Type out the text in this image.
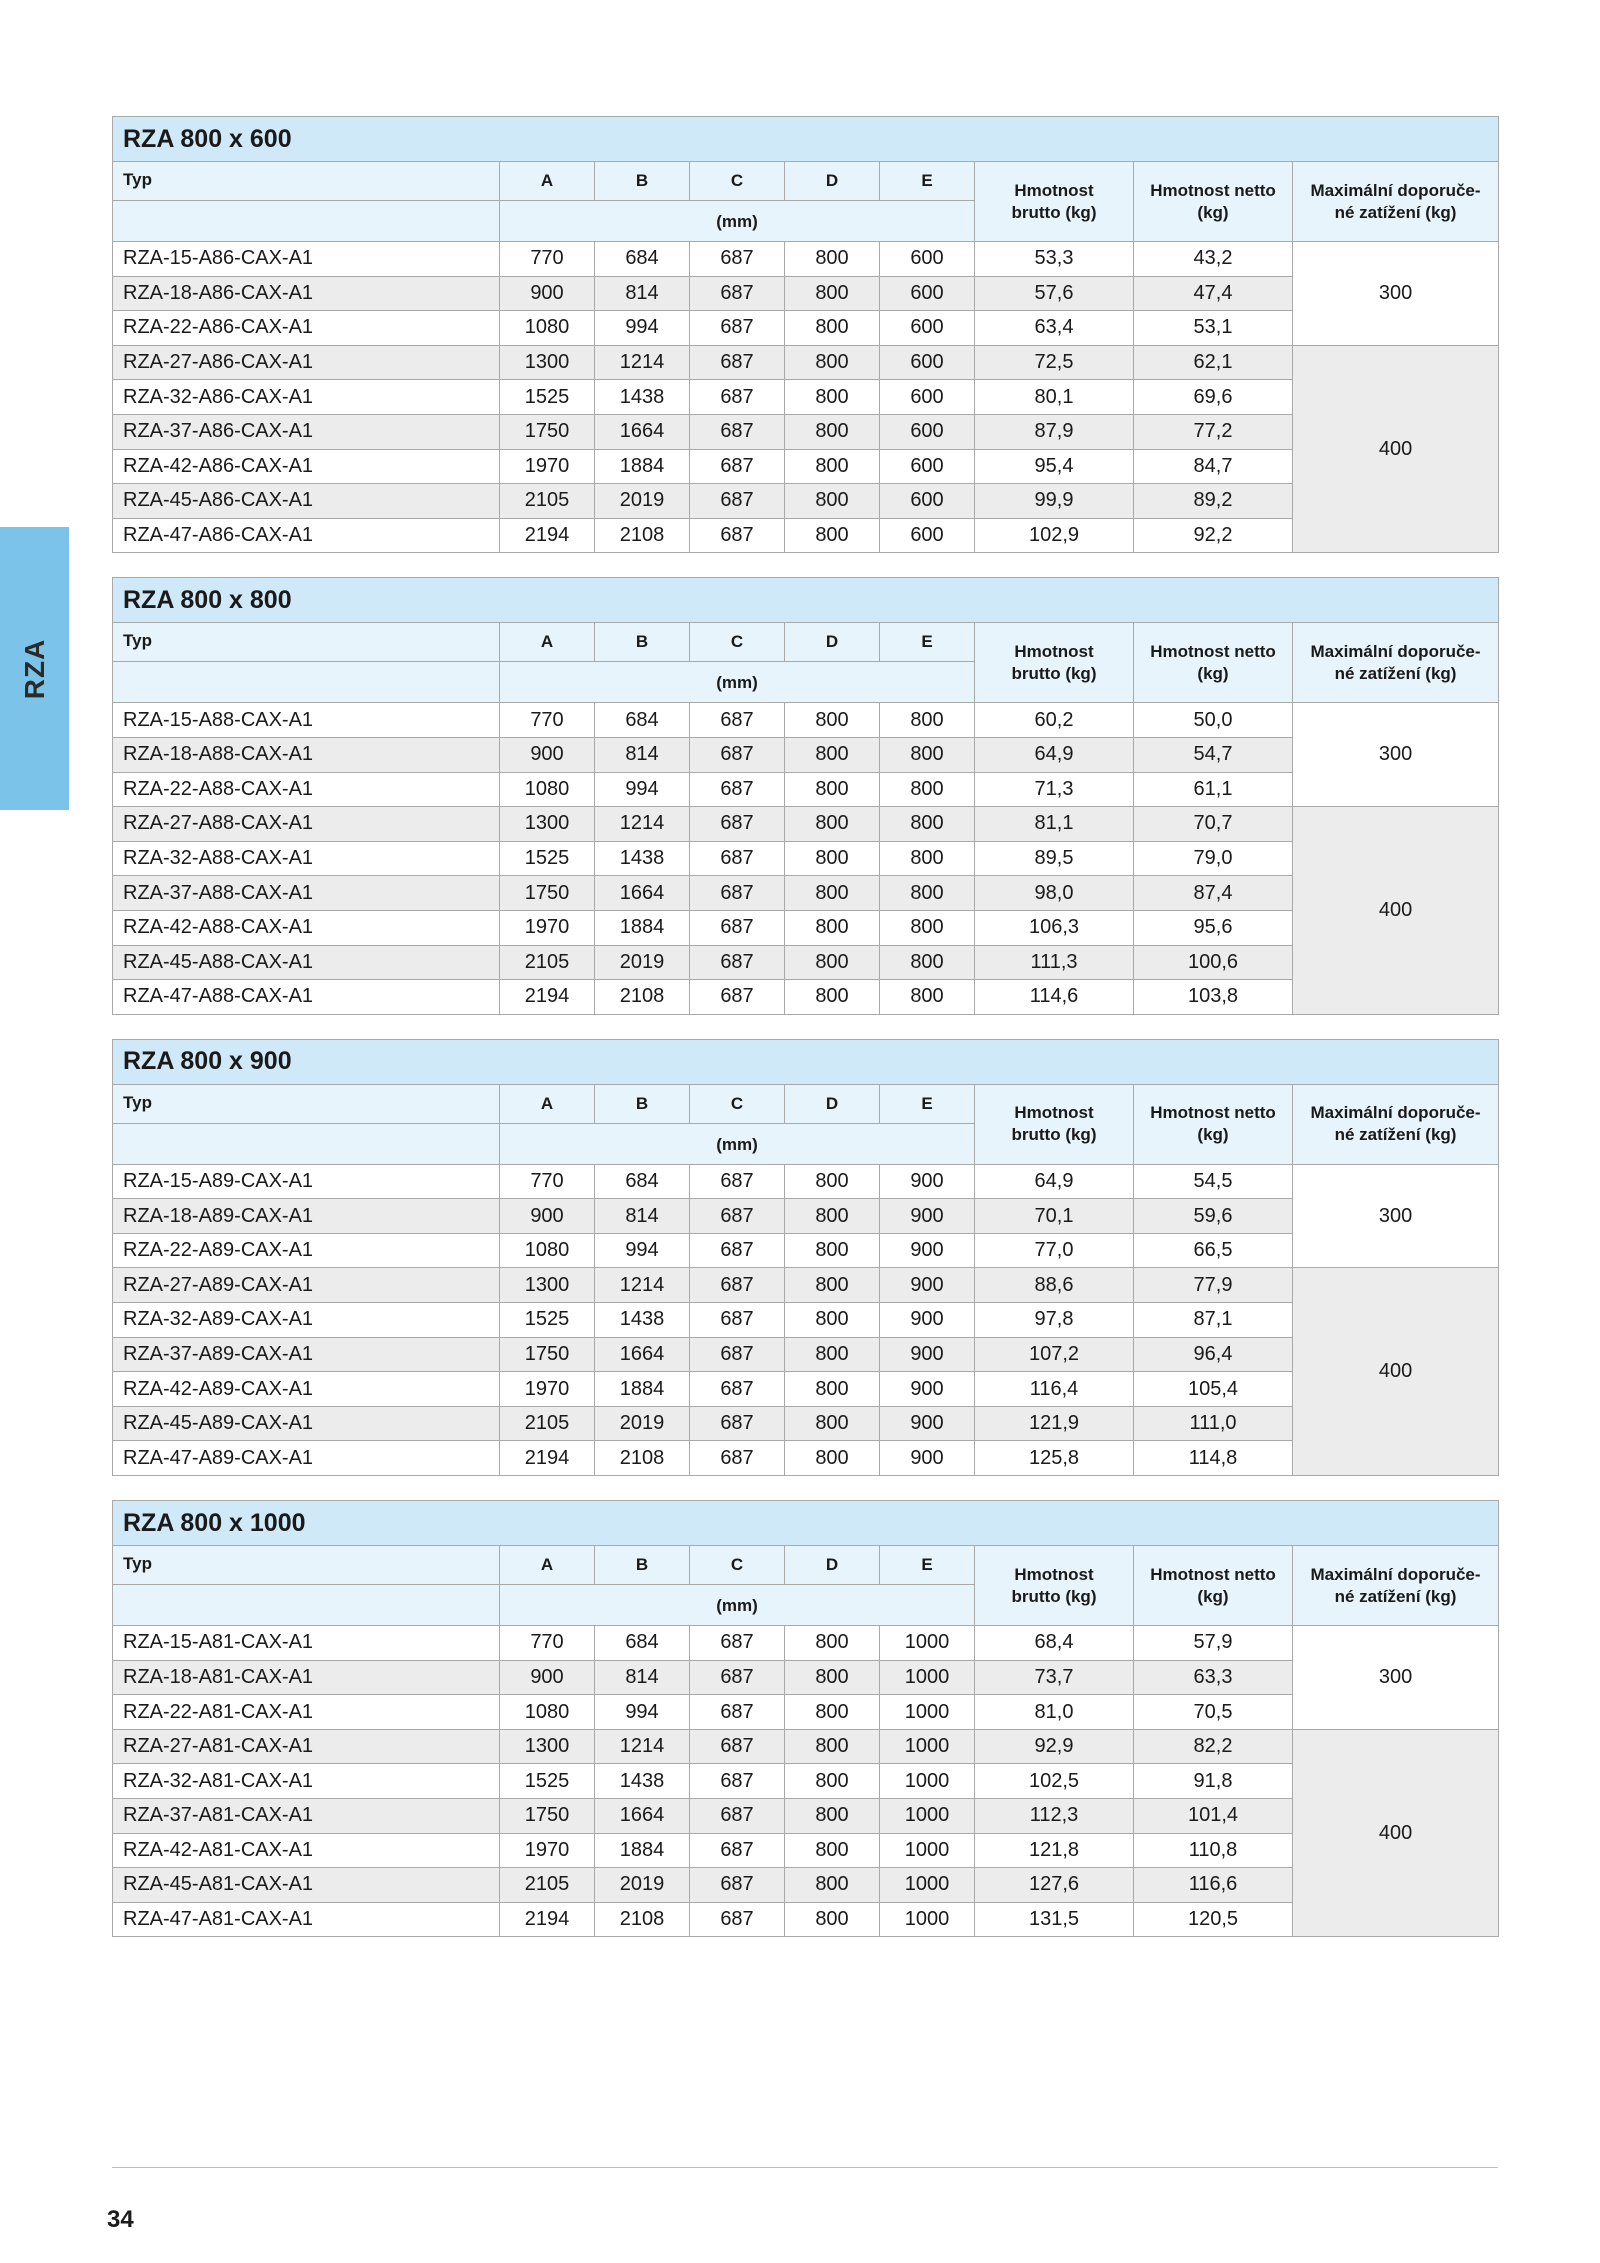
RZA
RZA 800 x 600								
Typ	A	B	C	D	E	Hmotnost
brutto (kg)	Hmotnost netto
(kg)	Maximální doporuče-
né zatížení (kg)
	(mm)							
RZA-15-A86-CAX-A1	770	684	687	800	600	53,3	43,2	300
RZA-18-A86-CAX-A1	900	814	687	800	600	57,6	47,4	
RZA-22-A86-CAX-A1	1080	994	687	800	600	63,4	53,1	
RZA-27-A86-CAX-A1	1300	1214	687	800	600	72,5	62,1	400
RZA-32-A86-CAX-A1	1525	1438	687	800	600	80,1	69,6	
RZA-37-A86-CAX-A1	1750	1664	687	800	600	87,9	77,2	
RZA-42-A86-CAX-A1	1970	1884	687	800	600	95,4	84,7	
RZA-45-A86-CAX-A1	2105	2019	687	800	600	99,9	89,2	
RZA-47-A86-CAX-A1	2194	2108	687	800	600	102,9	92,2	
RZA 800 x 800								
Typ	A	B	C	D	E	Hmotnost
brutto (kg)	Hmotnost netto
(kg)	Maximální doporuče-
né zatížení (kg)
	(mm)							
RZA-15-A88-CAX-A1	770	684	687	800	800	60,2	50,0	300
RZA-18-A88-CAX-A1	900	814	687	800	800	64,9	54,7	
RZA-22-A88-CAX-A1	1080	994	687	800	800	71,3	61,1	
RZA-27-A88-CAX-A1	1300	1214	687	800	800	81,1	70,7	400
RZA-32-A88-CAX-A1	1525	1438	687	800	800	89,5	79,0	
RZA-37-A88-CAX-A1	1750	1664	687	800	800	98,0	87,4	
RZA-42-A88-CAX-A1	1970	1884	687	800	800	106,3	95,6	
RZA-45-A88-CAX-A1	2105	2019	687	800	800	111,3	100,6	
RZA-47-A88-CAX-A1	2194	2108	687	800	800	114,6	103,8	
RZA 800 x 900								
Typ	A	B	C	D	E	Hmotnost
brutto (kg)	Hmotnost netto
(kg)	Maximální doporuče-
né zatížení (kg)
	(mm)							
RZA-15-A89-CAX-A1	770	684	687	800	900	64,9	54,5	300
RZA-18-A89-CAX-A1	900	814	687	800	900	70,1	59,6	
RZA-22-A89-CAX-A1	1080	994	687	800	900	77,0	66,5	
RZA-27-A89-CAX-A1	1300	1214	687	800	900	88,6	77,9	400
RZA-32-A89-CAX-A1	1525	1438	687	800	900	97,8	87,1	
RZA-37-A89-CAX-A1	1750	1664	687	800	900	107,2	96,4	
RZA-42-A89-CAX-A1	1970	1884	687	800	900	116,4	105,4	
RZA-45-A89-CAX-A1	2105	2019	687	800	900	121,9	111,0	
RZA-47-A89-CAX-A1	2194	2108	687	800	900	125,8	114,8	
RZA 800 x 1000								
Typ	A	B	C	D	E	Hmotnost
brutto (kg)	Hmotnost netto
(kg)	Maximální doporuče-
né zatížení (kg)
	(mm)							
RZA-15-A81-CAX-A1	770	684	687	800	1000	68,4	57,9	300
RZA-18-A81-CAX-A1	900	814	687	800	1000	73,7	63,3	
RZA-22-A81-CAX-A1	1080	994	687	800	1000	81,0	70,5	
RZA-27-A81-CAX-A1	1300	1214	687	800	1000	92,9	82,2	400
RZA-32-A81-CAX-A1	1525	1438	687	800	1000	102,5	91,8	
RZA-37-A81-CAX-A1	1750	1664	687	800	1000	112,3	101,4	
RZA-42-A81-CAX-A1	1970	1884	687	800	1000	121,8	110,8	
RZA-45-A81-CAX-A1	2105	2019	687	800	1000	127,6	116,6	
RZA-47-A81-CAX-A1	2194	2108	687	800	1000	131,5	120,5	
34
